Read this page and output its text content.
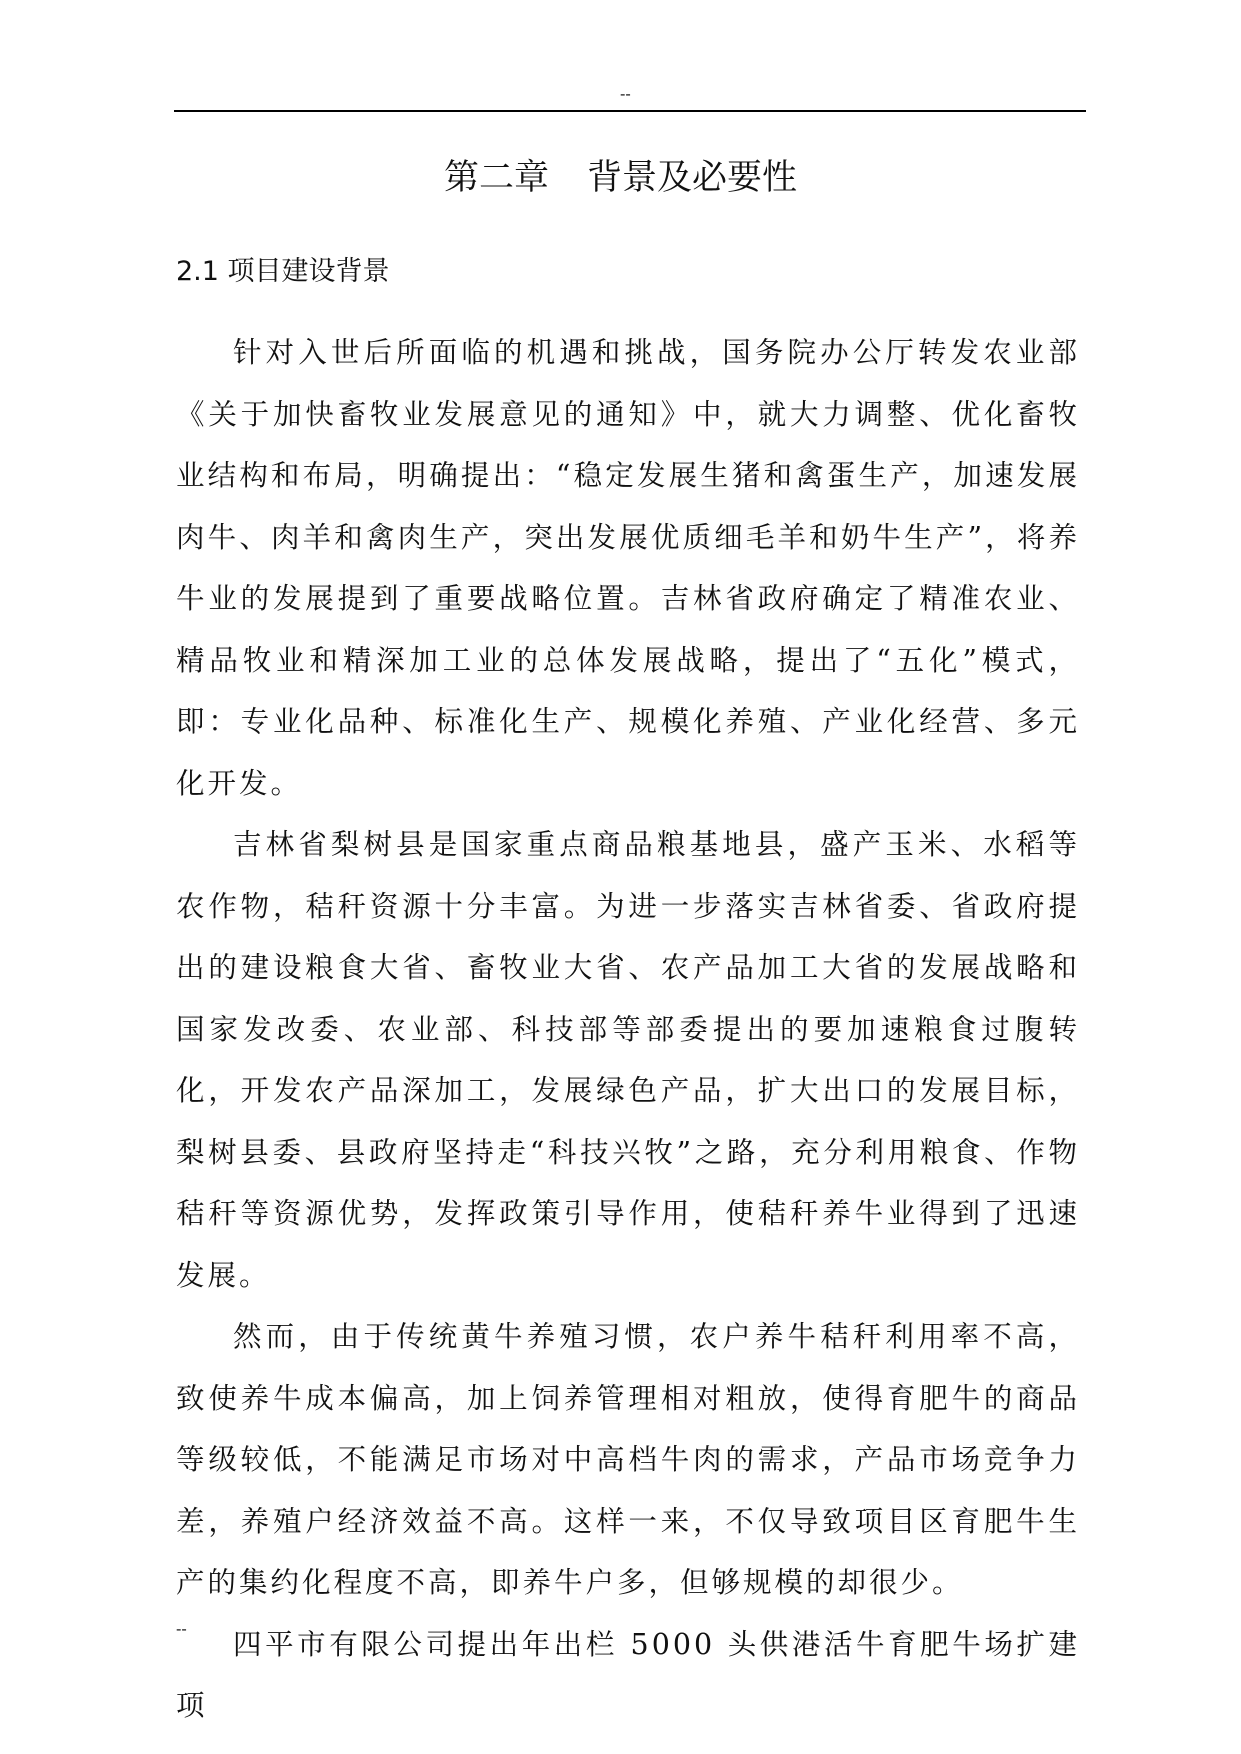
--
第二章 背景及必要性
2.1 项目建设背景

针对入世后所面临的机遇和挑战，国务院办公厅转发农业部《关于加快畜牧业发展意见的通知》中，就大力调整、优化畜牧业结构和布局，明确提出：“稳定发展生猪和禽蛋生产，加速发展肉牛、肉羊和禽肉生产，突出发展优质细毛羊和奶牛生产”，将养牛业的发展提到了重要战略位置。吉林省政府确定了精准农业、精品牧业和精深加工业的总体发展战略，提出了“五化”模式，即：专业化品种、标准化生产、规模化养殖、产业化经营、多元化开发。

吉林省梨树县是国家重点商品粮基地县，盛产玉米、水稻等农作物，秸秆资源十分丰富。为进一步落实吉林省委、省政府提出的建设粮食大省、畜牧业大省、农产品加工大省的发展战略和国家发改委、农业部、科技部等部委提出的要加速粮食过腹转化，开发农产品深加工，发展绿色产品，扩大出口的发展目标，梨树县委、县政府坚持走“科技兴牧”之路，充分利用粮食、作物秸秆等资源优势，发挥政策引导作用，使秸秆养牛业得到了迅速发展。

然而，由于传统黄牛养殖习惯，农户养牛秸秆利用率不高，致使养牛成本偏高，加上饲养管理相对粗放，使得育肥牛的商品等级较低，不能满足市场对中高档牛肉的需求，产品市场竞争力差，养殖户经济效益不高。这样一来，不仅导致项目区育肥牛生产的集约化程度不高，即养牛户多，但够规模的却很少。

四平市有限公司提出年出栏 5000 头供港活牛育肥牛场扩建项

--
